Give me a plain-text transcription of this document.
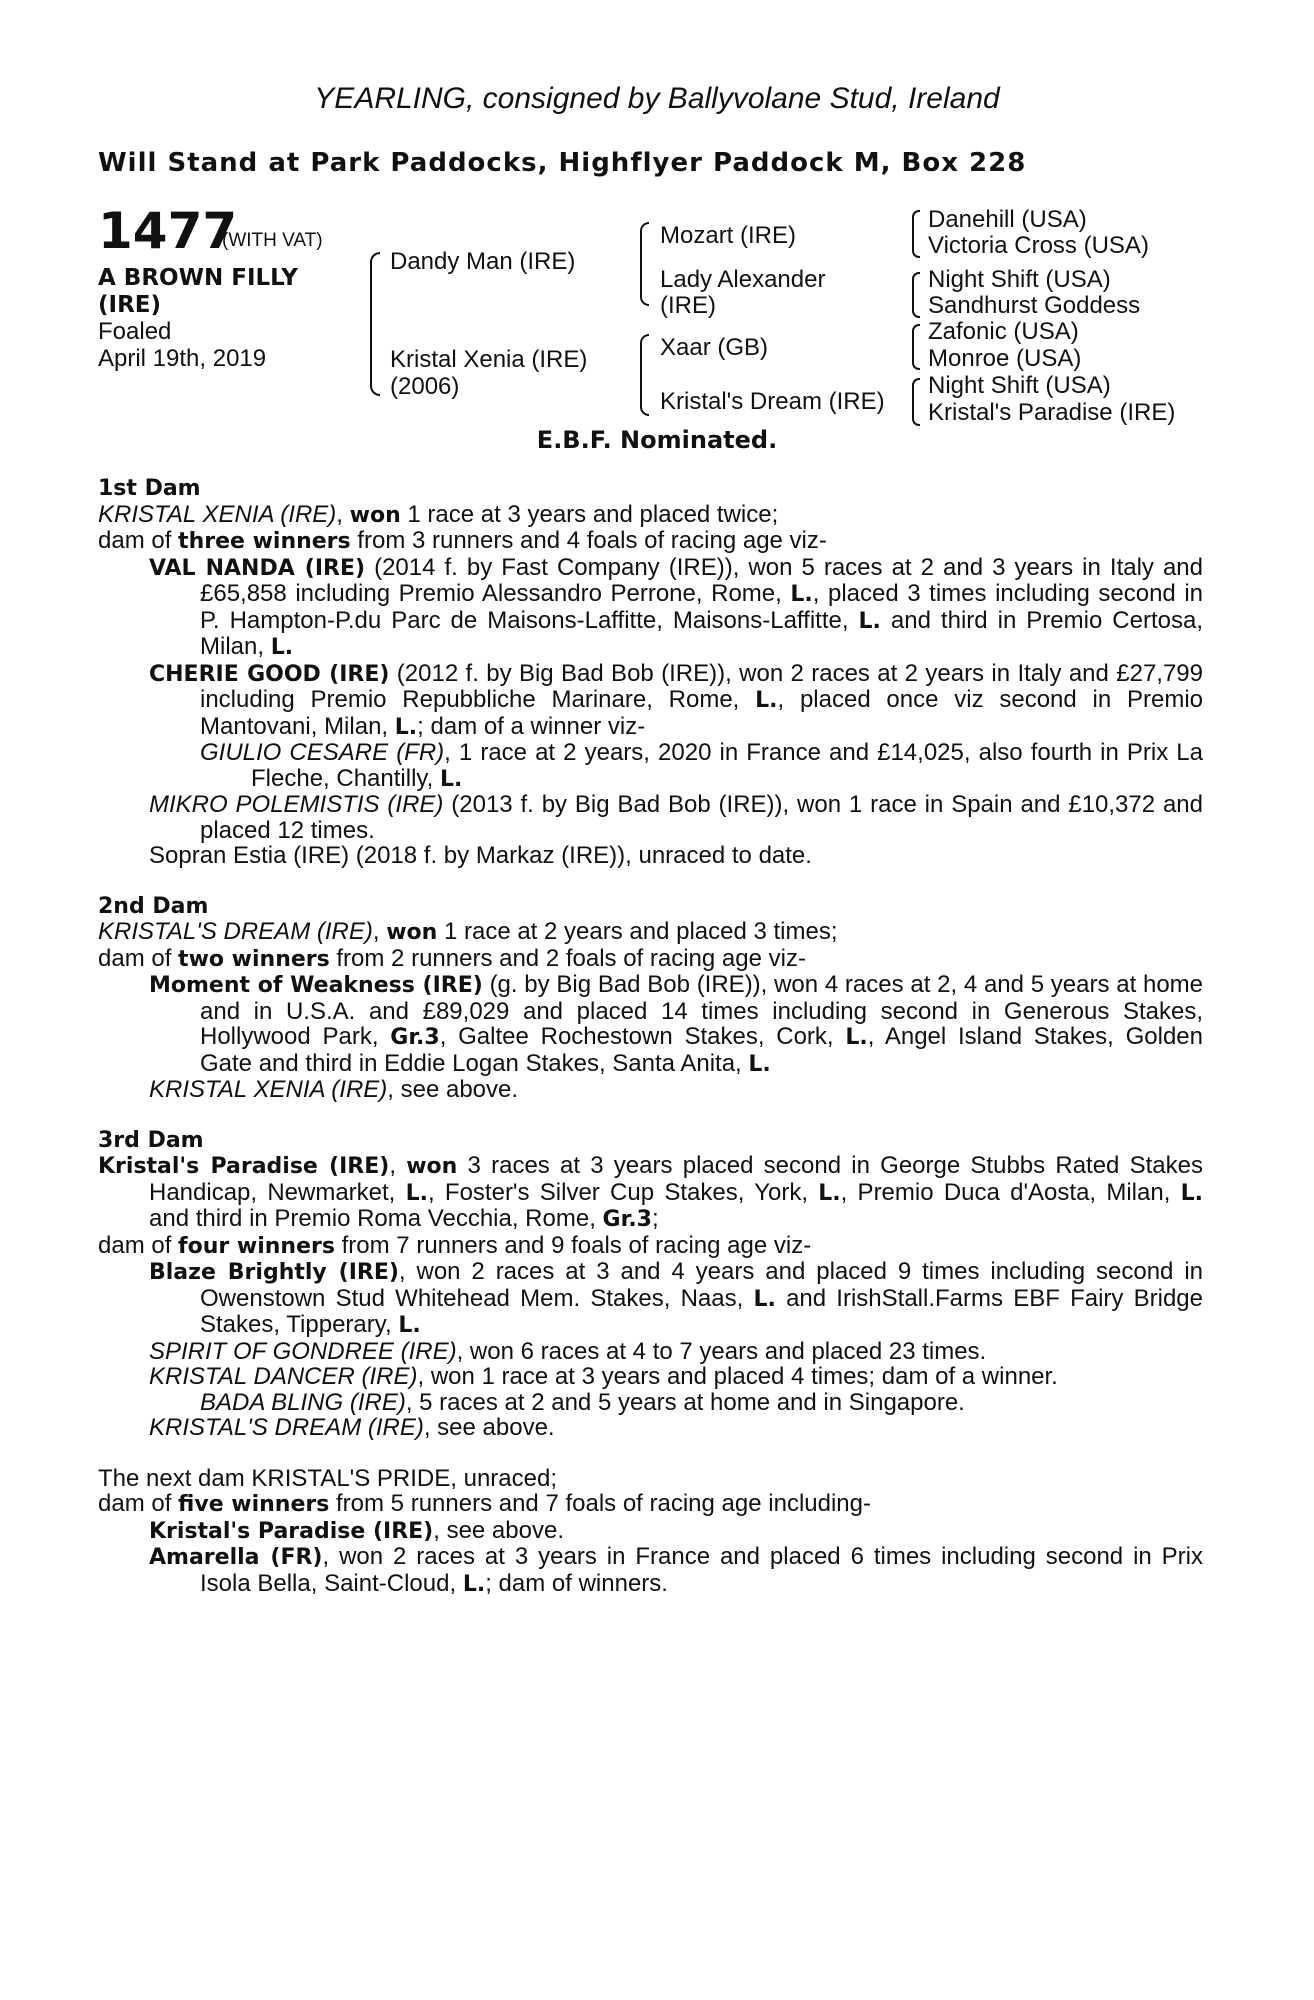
YEARLING, consigned by Ballyvolane Stud, Ireland
Will Stand at Park Paddocks, Highflyer Paddock M, Box 228
1477
(WITH VAT)
A BROWN FILLY
(IRE)
Foaled
April 19th, 2019
Dandy Man (IRE)
Kristal Xenia (IRE)
(2006)
Mozart (IRE)
Lady Alexander
(IRE)
Xaar (GB)
Kristal's Dream (IRE)
Danehill (USA)
Victoria Cross (USA)
Night Shift (USA)
Sandhurst Goddess
Zafonic (USA)
Monroe (USA)
Night Shift (USA)
Kristal's Paradise (IRE)
E.B.F. Nominated.

1st Dam

KRISTAL XENIA (IRE), won 1 race at 3 years and placed twice;

dam of three winners from 3 runners and 4 foals of racing age viz-

VAL NANDA (IRE) (2014 f. by Fast Company (IRE)), won 5 races at 2 and 3 years in Italy and £65,858 including Premio Alessandro Perrone, Rome, L., placed 3 times including second in P. Hampton-P.du Parc de Maisons-Laffitte, Maisons-Laffitte, L. and third in Premio Certosa, Milan, L.

CHERIE GOOD (IRE) (2012 f. by Big Bad Bob (IRE)), won 2 races at 2 years in Italy and £27,799 including Premio Repubbliche Marinare, Rome, L., placed once viz second in Premio Mantovani, Milan, L.; dam of a winner viz-

GIULIO CESARE (FR), 1 race at 2 years, 2020 in France and £14,025, also fourth in Prix La Fleche, Chantilly, L.

MIKRO POLEMISTIS (IRE) (2013 f. by Big Bad Bob (IRE)), won 1 race in Spain and £10,372 and placed 12 times.

Sopran Estia (IRE) (2018 f. by Markaz (IRE)), unraced to date.

2nd Dam

KRISTAL'S DREAM (IRE), won 1 race at 2 years and placed 3 times;

dam of two winners from 2 runners and 2 foals of racing age viz-

Moment of Weakness (IRE) (g. by Big Bad Bob (IRE)), won 4 races at 2, 4 and 5 years at home and in U.S.A. and £89,029 and placed 14 times including second in Generous Stakes, Hollywood Park, Gr.3, Galtee Rochestown Stakes, Cork, L., Angel Island Stakes, Golden Gate and third in Eddie Logan Stakes, Santa Anita, L.

KRISTAL XENIA (IRE), see above.

3rd Dam

Kristal's Paradise (IRE), won 3 races at 3 years placed second in George Stubbs Rated Stakes Handicap, Newmarket, L., Foster's Silver Cup Stakes, York, L., Premio Duca d'Aosta, Milan, L. and third in Premio Roma Vecchia, Rome, Gr.3;

dam of four winners from 7 runners and 9 foals of racing age viz-

Blaze Brightly (IRE), won 2 races at 3 and 4 years and placed 9 times including second in Owenstown Stud Whitehead Mem. Stakes, Naas, L. and IrishStall.Farms EBF Fairy Bridge Stakes, Tipperary, L.

SPIRIT OF GONDREE (IRE), won 6 races at 4 to 7 years and placed 23 times.

KRISTAL DANCER (IRE), won 1 race at 3 years and placed 4 times; dam of a winner.

BADA BLING (IRE), 5 races at 2 and 5 years at home and in Singapore.

KRISTAL'S DREAM (IRE), see above.

The next dam KRISTAL'S PRIDE, unraced;

dam of five winners from 5 runners and 7 foals of racing age including-

Kristal's Paradise (IRE), see above.

Amarella (FR), won 2 races at 3 years in France and placed 6 times including second in Prix Isola Bella, Saint-Cloud, L.; dam of winners.
